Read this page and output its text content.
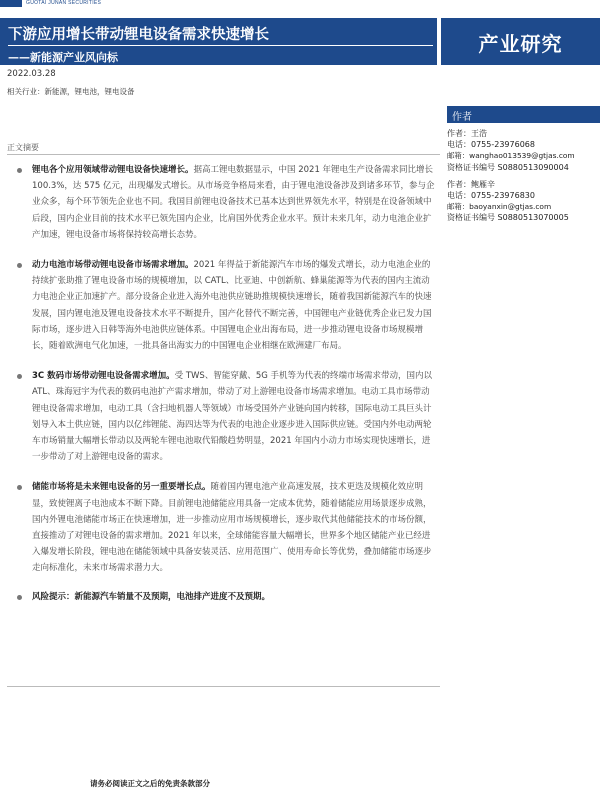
GUOTAI JUNAN SECURITIES
下游应用增长带动锂电设备需求快速增长
——新能源产业风向标
产业研究
2022.03.28
相关行业：新能源，锂电池，锂电设备
正文摘要
锂电各个应用领域带动锂电设备快速增长。据高工锂电数据显示，中国 2021 年锂电生产设备需求同比增长 100.3%，达 575 亿元，出现爆发式增长。从市场竞争格局来看，由于锂电池设备涉及到诸多环节，参与企业众多，每个环节领先企业也不同。我国目前锂电设备技术已基本达到世界领先水平，特别是在设备领域中后段，国内企业目前的技术水平已领先国内企业，比肩国外优秀企业水平。预计未来几年，动力电池企业扩产加速，锂电设备市场将保持较高增长态势。
动力电池市场带动锂电设备市场需求增加。2021 年得益于新能源汽车市场的爆发式增长，动力电池企业的持续扩张助推了锂电设备市场的规模增加，以 CATL、比亚迪、中创新航、蜂巢能源等为代表的国内主流动力电池企业正加速扩产。部分设备企业进入海外电池供应链助推规模快速增长，随着我国新能源汽车的快速发展，国内锂电池及锂电设备技术水平不断提升，国产化替代不断完善，中国锂电产业链优秀企业已发力国际市场，逐步进入日韩等海外电池供应链体系。中国锂电企业出海布局，进一步推动锂电设备市场规模增长，随着欧洲电气化加速，一批具备出海实力的中国锂电企业相继在欧洲建厂布局。
3C 数码市场带动锂电设备需求增加。受 TWS、智能穿戴、5G 手机等为代表的终端市场需求带动，国内以 ATL、珠海冠宇为代表的数码电池扩产需求增加，带动了对上游锂电设备市场需求增加。电动工具市场带动锂电设备需求增加，电动工具（含扫地机器人等领域）市场受国外产业链向国内转移，国际电动工具巨头计划导入本土供应链，国内以亿纬锂能、海四达等为代表的电池企业逐步进入国际供应链。受国内外电动两轮车市场销量大幅增长带动以及两轮车锂电池取代铅酸趋势明显，2021 年国内小动力市场实现快速增长，进一步带动了对上游锂电设备的需求。
储能市场将是未来锂电设备的另一重要增长点。随着国内锂电池产业高速发展，技术更迭及规模化效应明显，致使锂离子电池成本不断下降。目前锂电池储能应用具备一定成本优势，随着储能应用场景逐步成熟，国内外锂电池储能市场正在快速增加，进一步推动应用市场规模增长，逐步取代其他储能技术的市场份额，直接推动了对锂电设备的需求增加。2021 年以来，全球储能容量大幅增长，世界多个地区储能产业已经进入爆发增长阶段，锂电池在储能领域中具备安装灵活、应用范围广、使用寿命长等优势，叠加储能市场逐步走向标准化，未来市场需求潜力大。
风险提示：新能源汽车销量不及预期，电池排产进度不及预期。
作者
作者：王浩
电话：0755-23976068
邮箱：wanghao013539@gtjas.com
资格证书编号 S0880513090004
作者：鲍雁辛
电话：0755-23976830
邮箱：baoyanxin@gtjas.com
资格证书编号 S0880513070005
请务必阅读正文之后的免责条款部分
